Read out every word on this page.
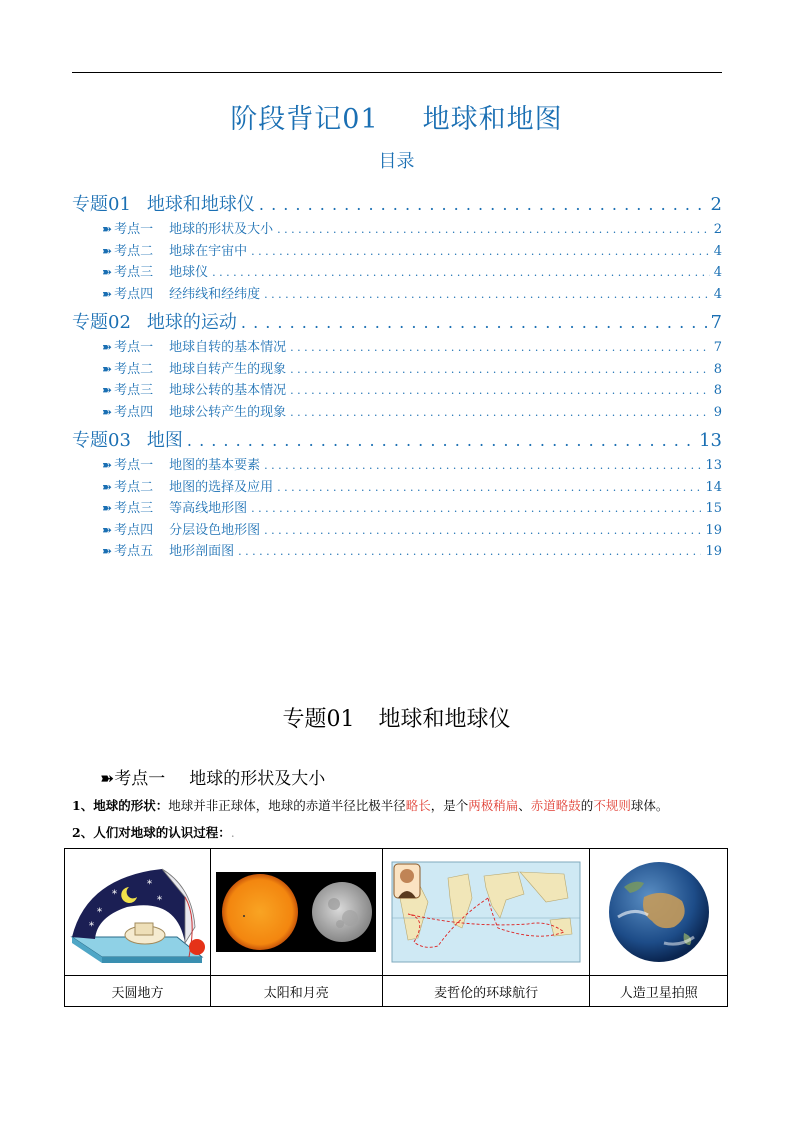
阶段背记01 地球和地图
目录
专题01 地球和地球仪 . . .	2
➽ 考点一 地球的形状及大小 . . .	2
➽ 考点二 地球在宇宙中 . . .	4
➽ 考点三 地球仪 . . .	4
➽ 考点四 经纬线和经纬度 . . .	4
专题02 地球的运动 . . .	7
➽ 考点一 地球自转的基本情况 . . .	7
➽ 考点二 地球自转产生的现象 . . .	8
➽ 考点三 地球公转的基本情况 . . .	8
➽ 考点四 地球公转产生的现象 . . .	9
专题03 地图 . . .	13
➽ 考点一 地图的基本要素 . . .	13
➽ 考点二 地图的选择及应用 . . .	14
➽ 考点三 等高线地形图 . . .	15
➽ 考点四 分层设色地形图 . . .	19
➽ 考点五 地形剖面图 . . .	19
专题01 地球和地球仪
➽考点一 地球的形状及大小
1、地球的形状：地球并非正球体，地球的赤道半径比极半径略长，是个两极稍扁、赤道略鼓的不规则球体。
2、人们对地球的认识过程：.
*
*
*
*
*

天圆地方	太阳和月亮	麦哲伦的环球航行	人造卫星拍照
